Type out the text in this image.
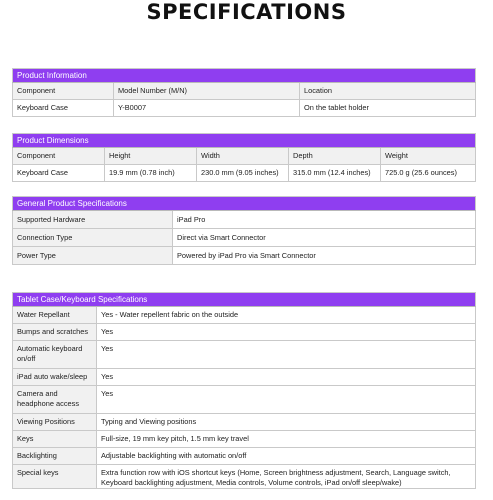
SPECIFICATIONS
Product Information		
Component	Model Number (M/N)	Location
Keyboard Case	Y-B0007	On the tablet holder
Product Dimensions				
Component	Height	Width	Depth	Weight
Keyboard Case	19.9 mm (0.78 inch)	230.0 mm (9.05 inches)	315.0 mm (12.4 inches)	725.0 g (25.6 ounces)
General Product Specifications	
Supported Hardware	iPad Pro
Connection Type	Direct via Smart Connector
Power Type	Powered by iPad Pro via Smart Connector
Tablet Case/Keyboard Specifications	
Water Repellant	Yes - Water repellent fabric on the outside
Bumps and scratches	Yes
Automatic keyboard on/off	Yes
iPad auto wake/sleep	Yes
Camera and headphone access	Yes
Viewing Positions	Typing and Viewing positions
Keys	Full-size, 19 mm key pitch, 1.5 mm key travel
Backlighting	Adjustable backlighting with automatic on/off
Special keys	Extra function row with iOS shortcut keys (Home, Screen brightness adjustment, Search, Language switch, Keyboard backlighting adjustment, Media controls, Volume controls, iPad on/off sleep/wake)
